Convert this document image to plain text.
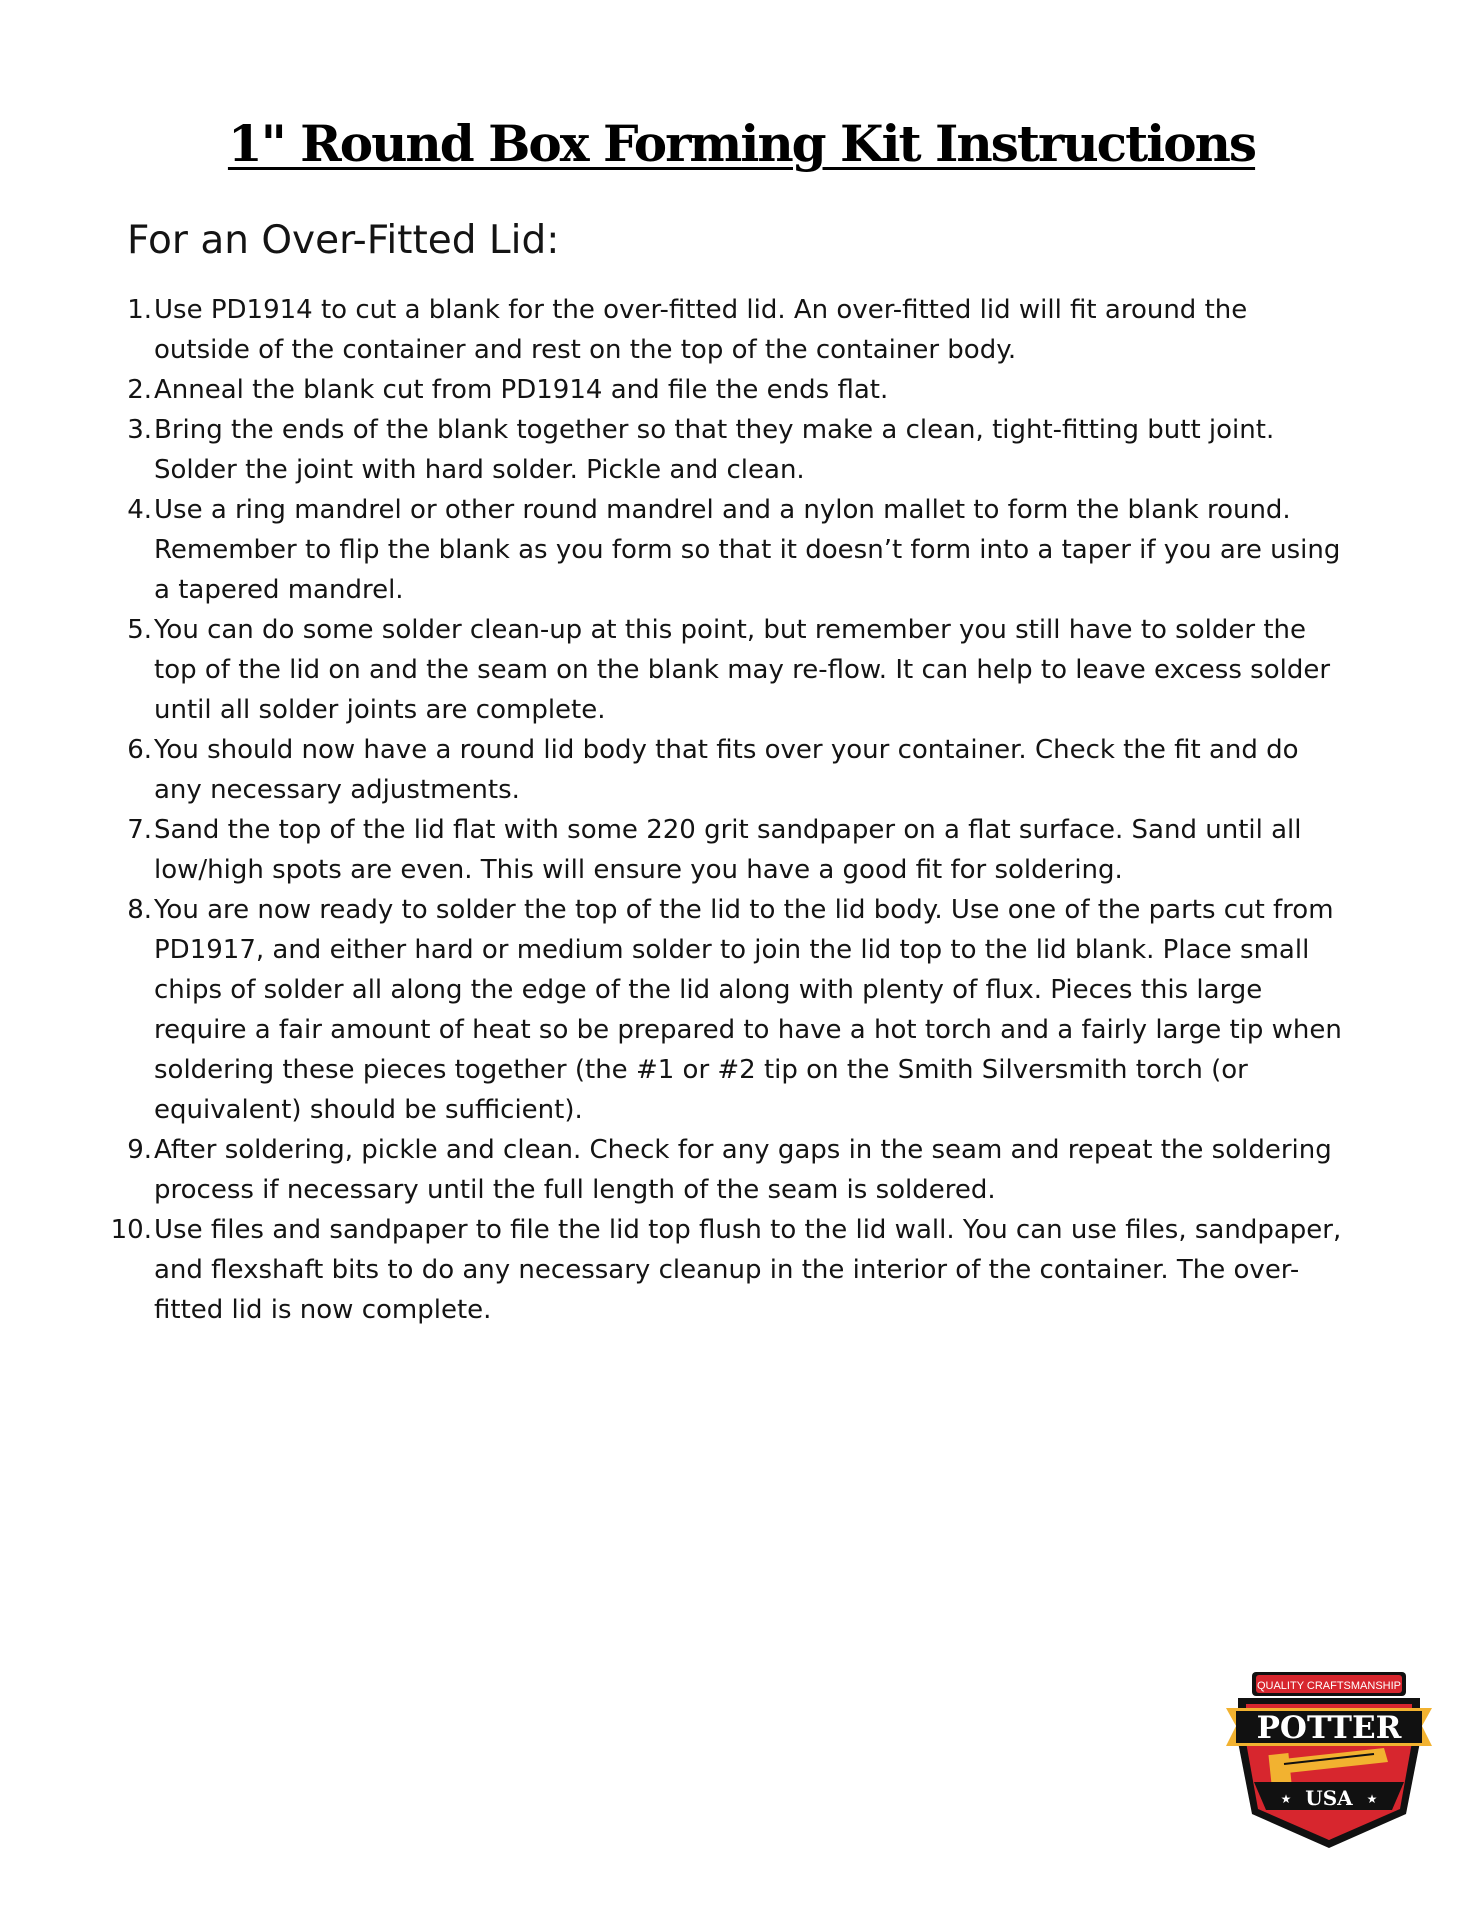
1" Round Box Forming Kit Instructions
For an Over-Fitted Lid:
1. Use PD1914 to cut a blank for the over-fitted lid. An over-fitted lid will fit around the outside of the container and rest on the top of the container body.
2. Anneal the blank cut from PD1914 and file the ends flat.
3. Bring the ends of the blank together so that they make a clean, tight-fitting butt joint. Solder the joint with hard solder. Pickle and clean.
4. Use a ring mandrel or other round mandrel and a nylon mallet to form the blank round. Remember to flip the blank as you form so that it doesn’t form into a taper if you are using a tapered mandrel.
5. You can do some solder clean-up at this point, but remember you still have to solder the top of the lid on and the seam on the blank may re-flow. It can help to leave excess solder until all solder joints are complete.
6. You should now have a round lid body that fits over your container. Check the fit and do any necessary adjustments.
7. Sand the top of the lid flat with some 220 grit sandpaper on a flat surface. Sand until all low/high spots are even. This will ensure you have a good fit for soldering.
8. You are now ready to solder the top of the lid to the lid body. Use one of the parts cut from PD1917, and either hard or medium solder to join the lid top to the lid blank. Place small chips of solder all along the edge of the lid along with plenty of flux. Pieces this large require a fair amount of heat so be prepared to have a hot torch and a fairly large tip when soldering these pieces together (the #1 or #2 tip on the Smith Silversmith torch (or equivalent) should be sufficient).
9. After soldering, pickle and clean. Check for any gaps in the seam and repeat the soldering process if necessary until the full length of the seam is soldered.
10. Use files and sandpaper to file the lid top flush to the lid wall. You can use files, sandpaper, and flexshaft bits to do any necessary cleanup in the interior of the container. The over-fitted lid is now complete.
QUALITY CRAFTSMANSHIP
POTTER
USA
★	★
